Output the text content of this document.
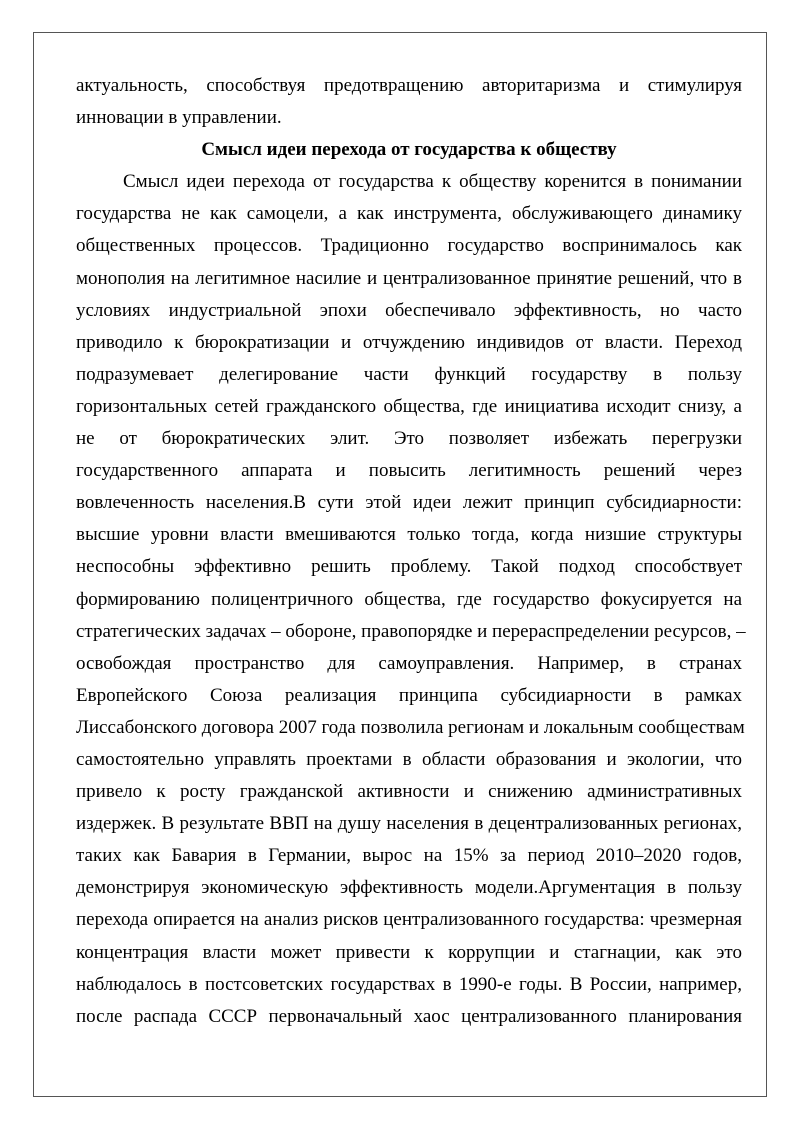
актуальность, способствуя предотвращению авторитаризма и стимулируя
инновации в управлении.
Смысл идеи перехода от государства к обществу
Смысл идеи перехода от государства к обществу коренится в понимании
государства не как самоцели, а как инструмента, обслуживающего динамику
общественных процессов. Традиционно государство воспринималось как
монополия на легитимное насилие и централизованное принятие решений, что в
условиях индустриальной эпохи обеспечивало эффективность, но часто
приводило к бюрократизации и отчуждению индивидов от власти. Переход
подразумевает делегирование части функций государству в пользу
горизонтальных сетей гражданского общества, где инициатива исходит снизу, а
не от бюрократических элит. Это позволяет избежать перегрузки
государственного аппарата и повысить легитимность решений через
вовлеченность населения.В сути этой идеи лежит принцип субсидиарности:
высшие уровни власти вмешиваются только тогда, когда низшие структуры
неспособны эффективно решить проблему. Такой подход способствует
формированию полицентричного общества, где государство фокусируется на
стратегических задачах – обороне, правопорядке и перераспределении ресурсов, –
освобождая пространство для самоуправления. Например, в странах
Европейского Союза реализация принципа субсидиарности в рамках
Лиссабонского договора 2007 года позволила регионам и локальным сообществам
самостоятельно управлять проектами в области образования и экологии, что
привело к росту гражданской активности и снижению административных
издержек. В результате ВВП на душу населения в децентрализованных регионах,
таких как Бавария в Германии, вырос на 15% за период 2010–2020 годов,
демонстрируя экономическую эффективность модели.Аргументация в пользу
перехода опирается на анализ рисков централизованного государства: чрезмерная
концентрация власти может привести к коррупции и стагнации, как это
наблюдалось в постсоветских государствах в 1990-е годы. В России, например,
после распада СССР первоначальный хаос централизованного планирования
